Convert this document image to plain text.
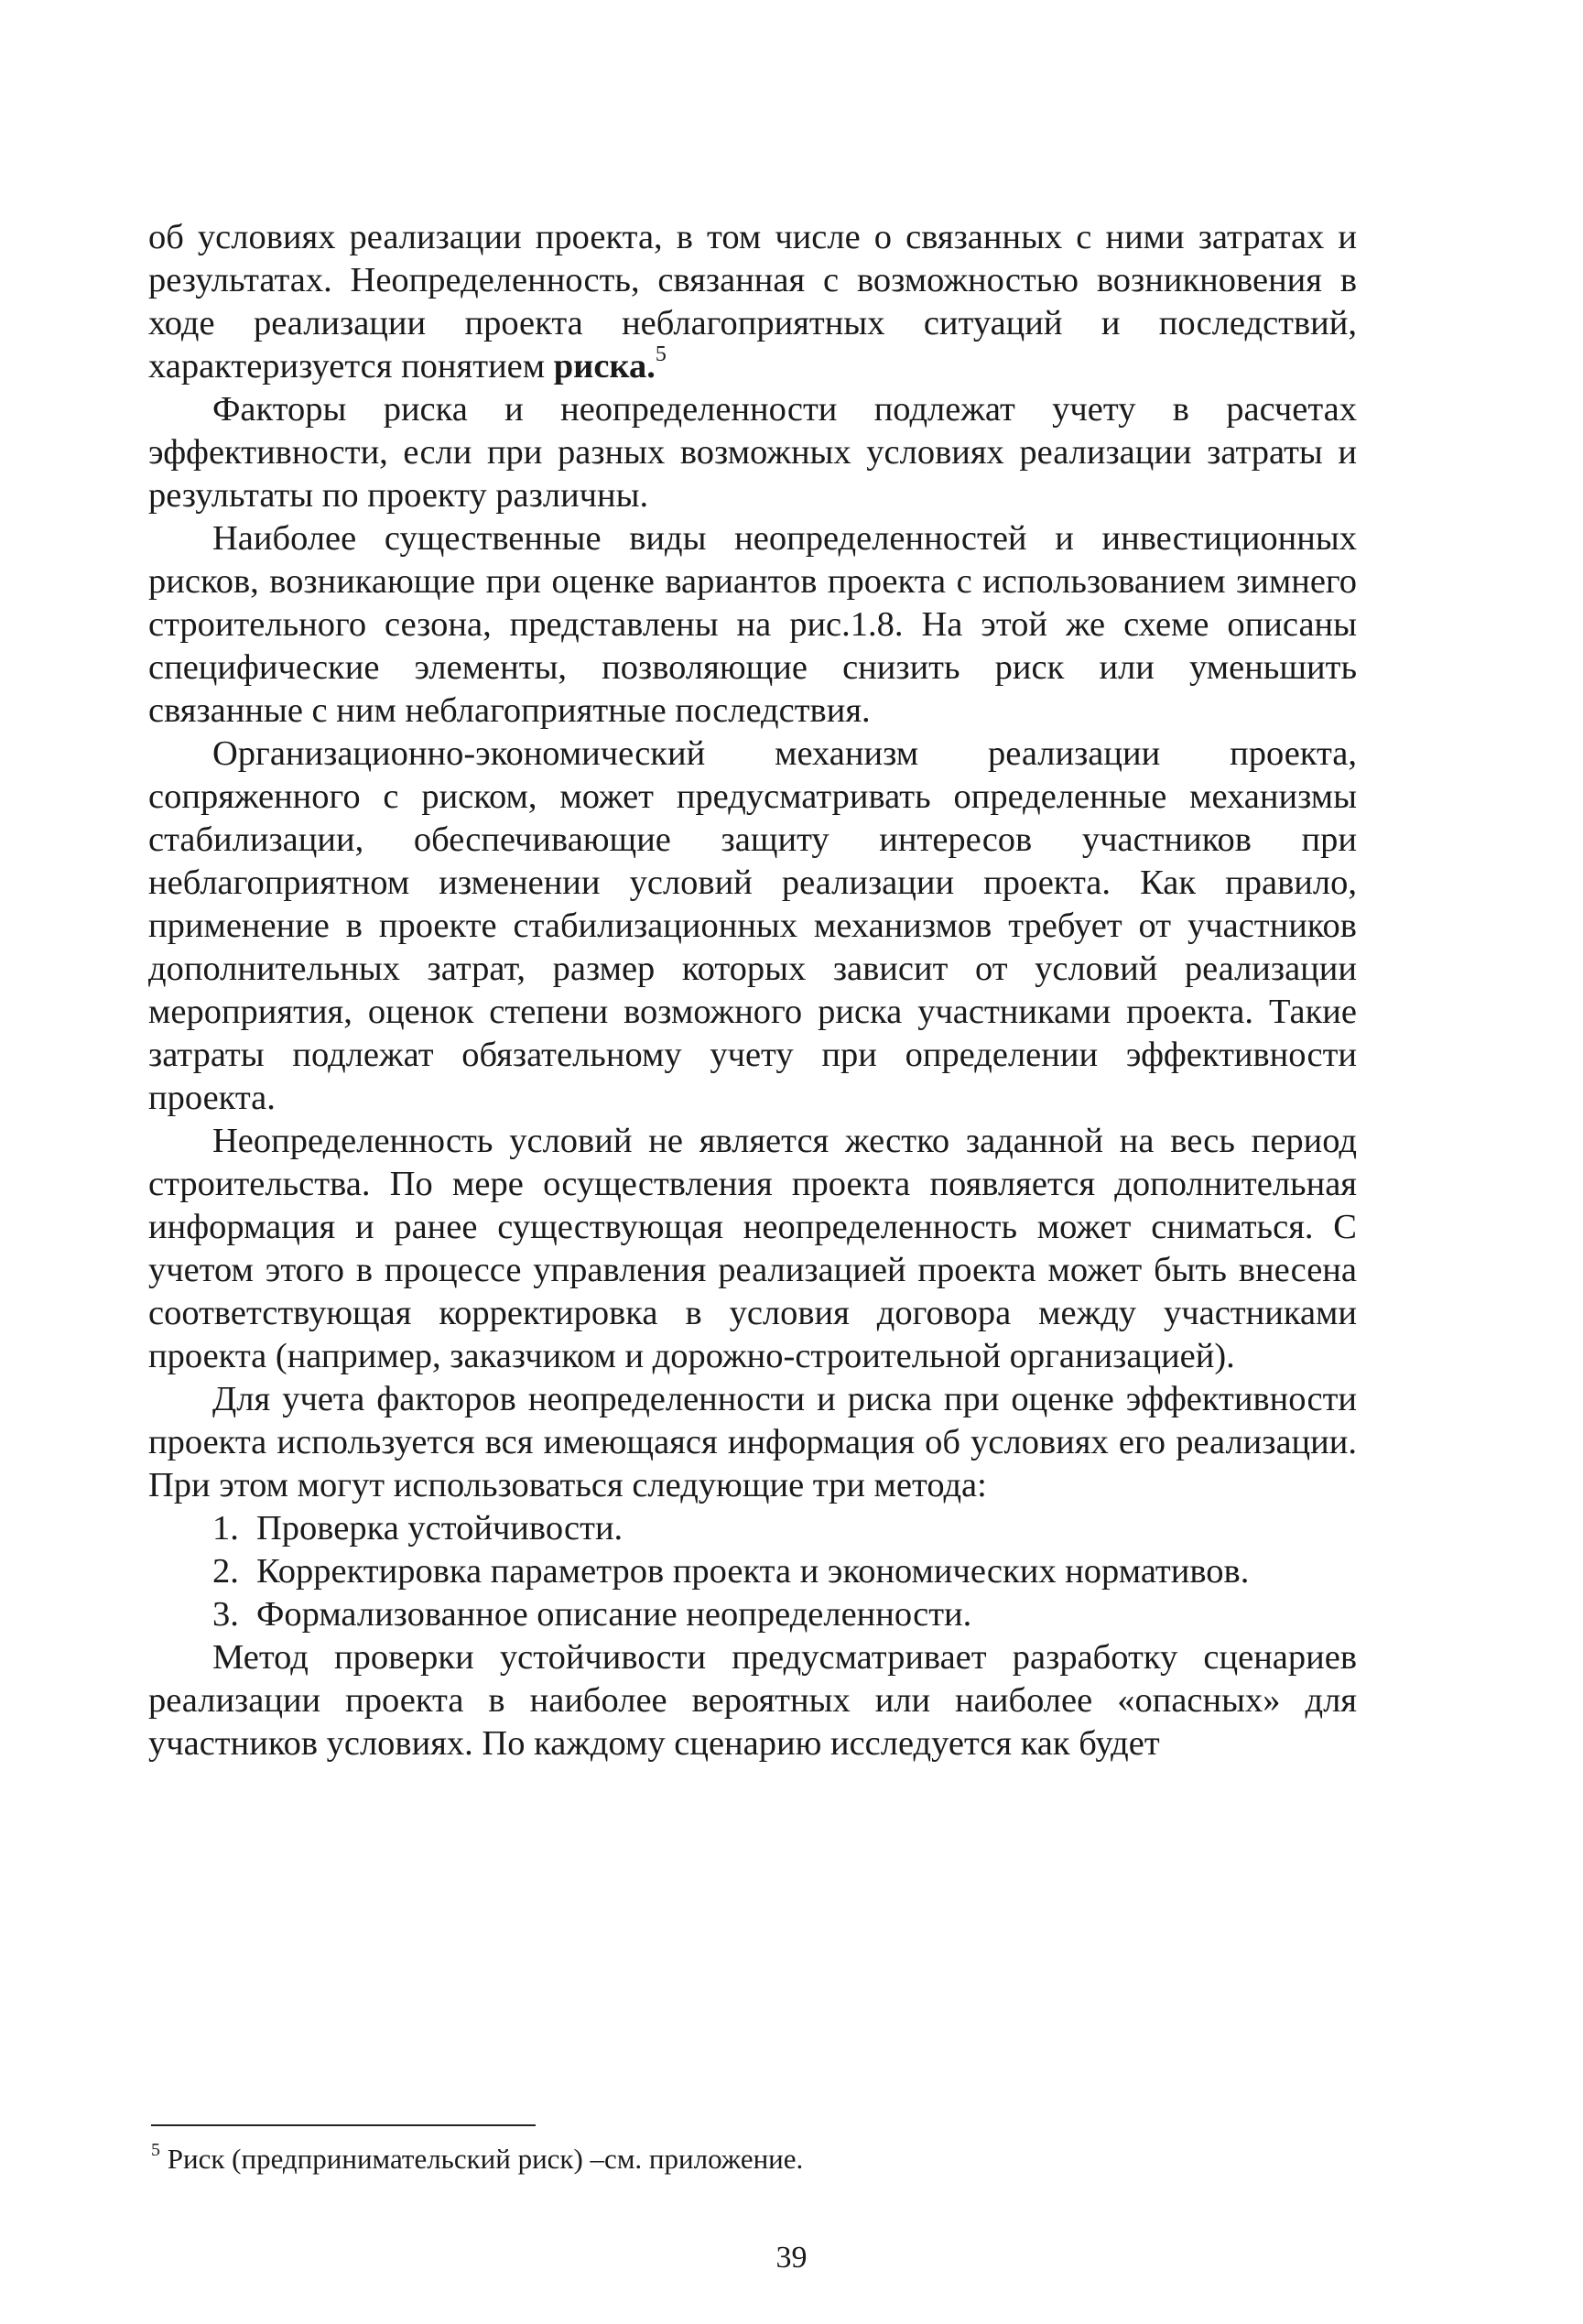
об условиях реализации проекта, в том числе о связанных с ними затратах и результатах. Неопределенность, связанная с возможностью возникновения в ходе реализации проекта неблагоприятных ситуаций и последствий, характеризуется понятием риска.$^5$

Факторы риска и неопределенности подлежат учету в расчетах эффективности, если при разных возможных условиях реализации затраты и результаты по проекту различны.

Наиболее существенные виды неопределенностей и инвестиционных рисков, возникающие при оценке вариантов проекта с использованием зимнего строительного сезона, представлены на рис.1.8. На этой же схеме описаны специфические элементы, позволяющие снизить риск или уменьшить связанные с ним неблагоприятные последствия.

Организационно-экономический механизм реализации проекта, сопряженного с риском, может предусматривать определенные механизмы стабилизации, обеспечивающие защиту интересов участников при неблагоприятном изменении условий реализации проекта. Как правило, применение в проекте стабилизационных механизмов требует от участников дополнительных затрат, размер которых зависит от условий реализации мероприятия, оценок степени возможного риска участниками проекта. Такие затраты подлежат обязательному учету при определении эффективности проекта.

Неопределенность условий не является жестко заданной на весь период строительства. По мере осуществления проекта появляется дополнительная информация и ранее существующая неопределенность может сниматься. С учетом этого в процессе управления реализацией проекта может быть внесена соответствующая корректировка в условия договора между участниками проекта (например, заказчиком и дорожно-строительной организацией).

Для учета факторов неопределенности и риска при оценке эффективности проекта используется вся имеющаяся информация об условиях его реализации. При этом могут использоваться следующие три метода:

1. Проверка устойчивости.
2. Корректировка параметров проекта и экономических нормативов.
3. Формализованное описание неопределенности.

Метод проверки устойчивости предусматривает разработку сценариев реализации проекта в наиболее вероятных или наиболее «опасных» для участников условиях. По каждому сценарию исследуется как будет

$^5$ Риск (предпринимательский риск) –см. приложение.
39
